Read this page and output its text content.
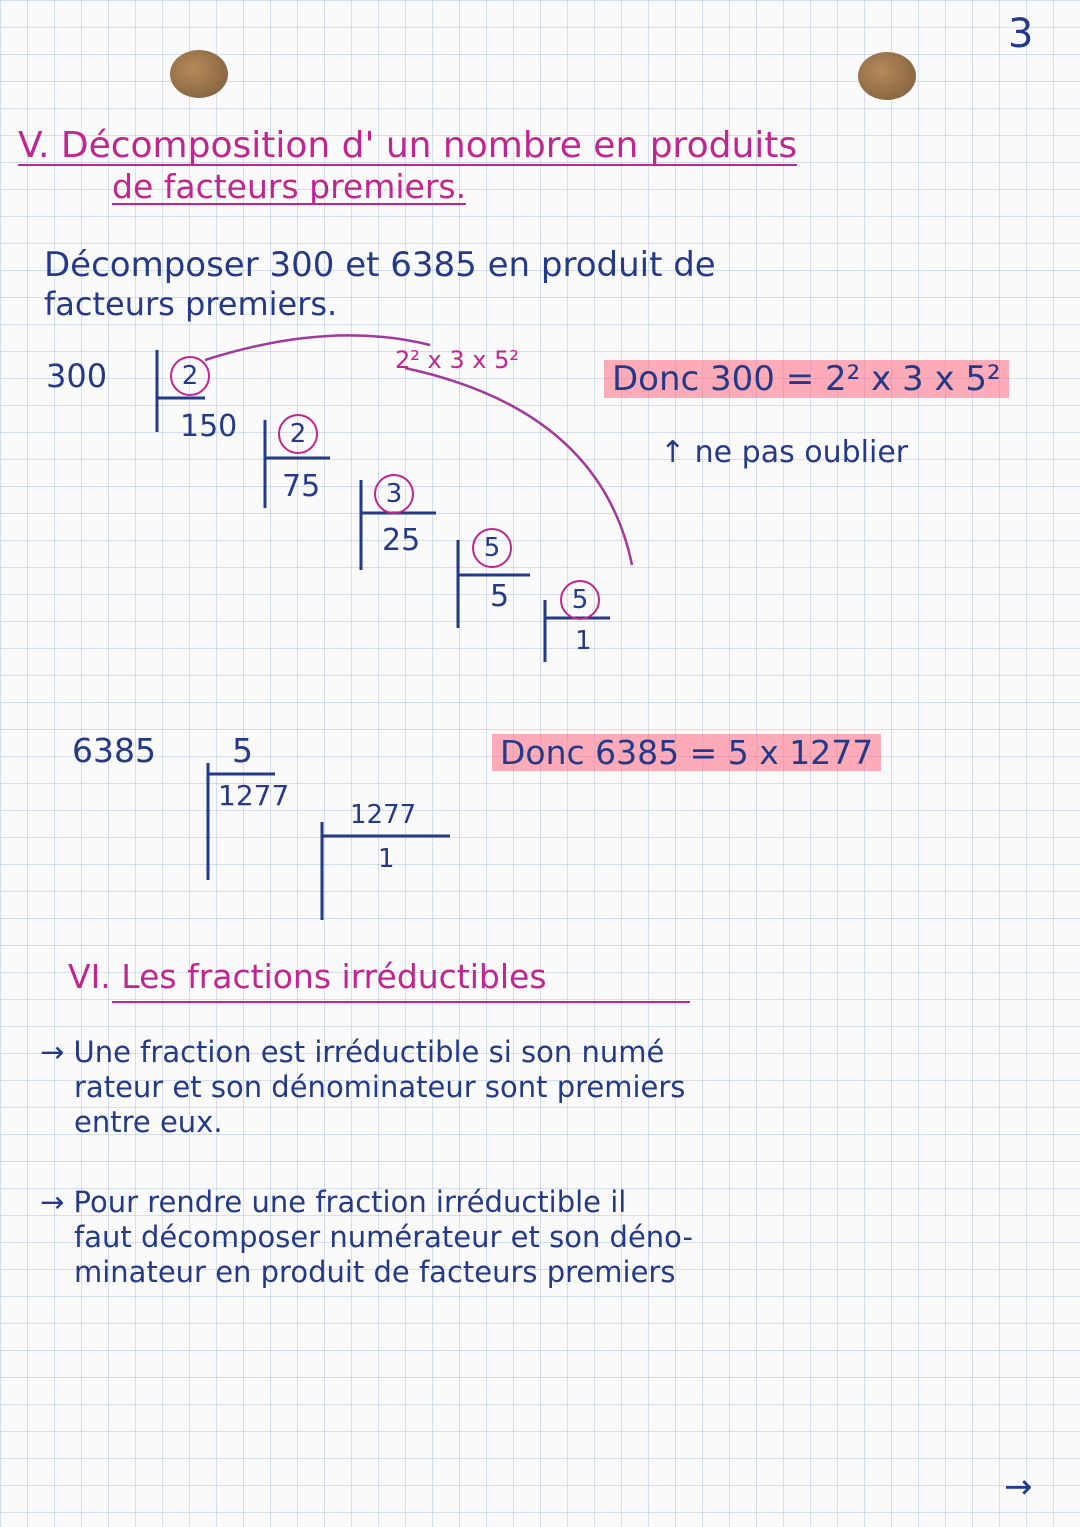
3
V. Décomposition d' un nombre en produits
de facteurs premiers.
Décomposer 300 et 6385 en produit de
facteurs premiers.
300	2
150	2
75	3
25	5
5	5
1
2² x 3 x 5²	Donc 300 = 2² x 3 x 5²
↑ ne pas oublier
6385 5
1277
1277
1
Donc 6385 = 5 x 1277
VI. Les fractions irréductibles
→ Une fraction est irréductible si son numé
rateur et son dénominateur sont premiers
entre eux.
→ Pour rendre une fraction irréductible il
faut décomposer numérateur et son déno-
minateur en produit de facteurs premiers
→
